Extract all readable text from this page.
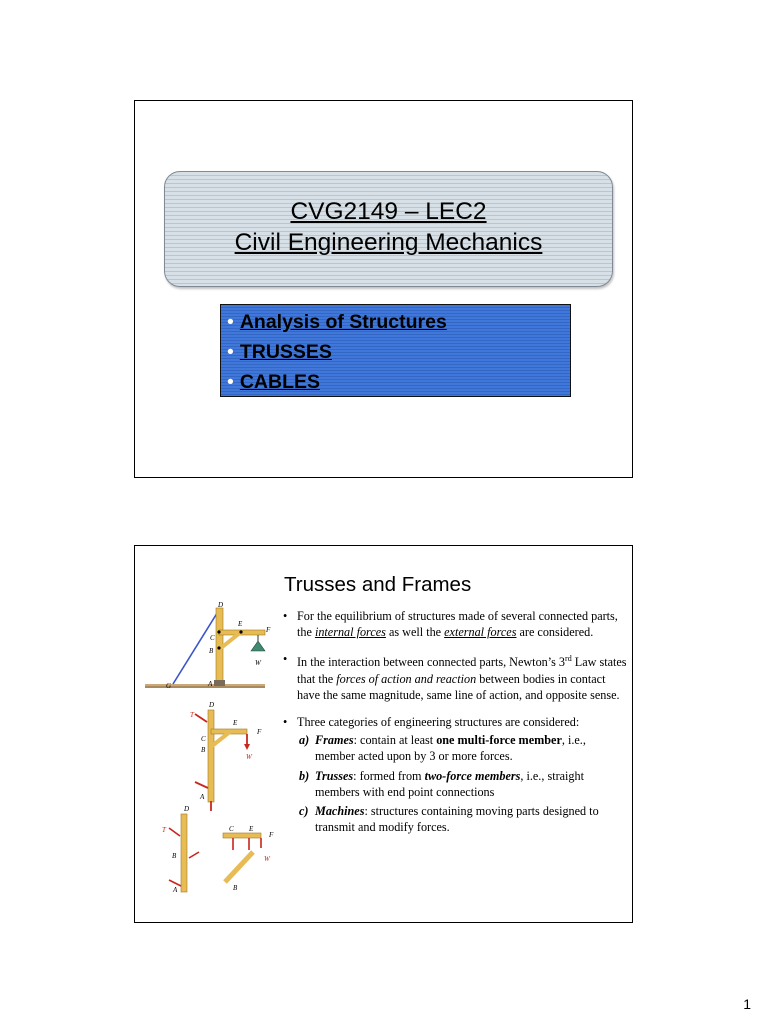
CVG2149 – LEC2
Civil Engineering Mechanics
• Analysis of Structures
• TRUSSES
• CABLES
Trusses and Frames
D
E
F
C
B
W
G	A
D
E
F
C
B
W
T
A
D
E
F
C
B
B
W
T
A
• For the equilibrium of structures made of several connected parts, the internal forces as well the external forces are considered.
• In the interaction between connected parts, Newton’s 3rd Law states that the forces of action and reaction between bodies in contact have the same magnitude, same line of action, and opposite sense.
• Three categories of engineering structures are considered:
a) Frames: contain at least one multi-force member, i.e., member acted upon by 3 or more forces.
b) Trusses: formed from two-force members, i.e., straight members with end point connections
c) Machines: structures containing moving parts designed to transmit and modify forces.
1
